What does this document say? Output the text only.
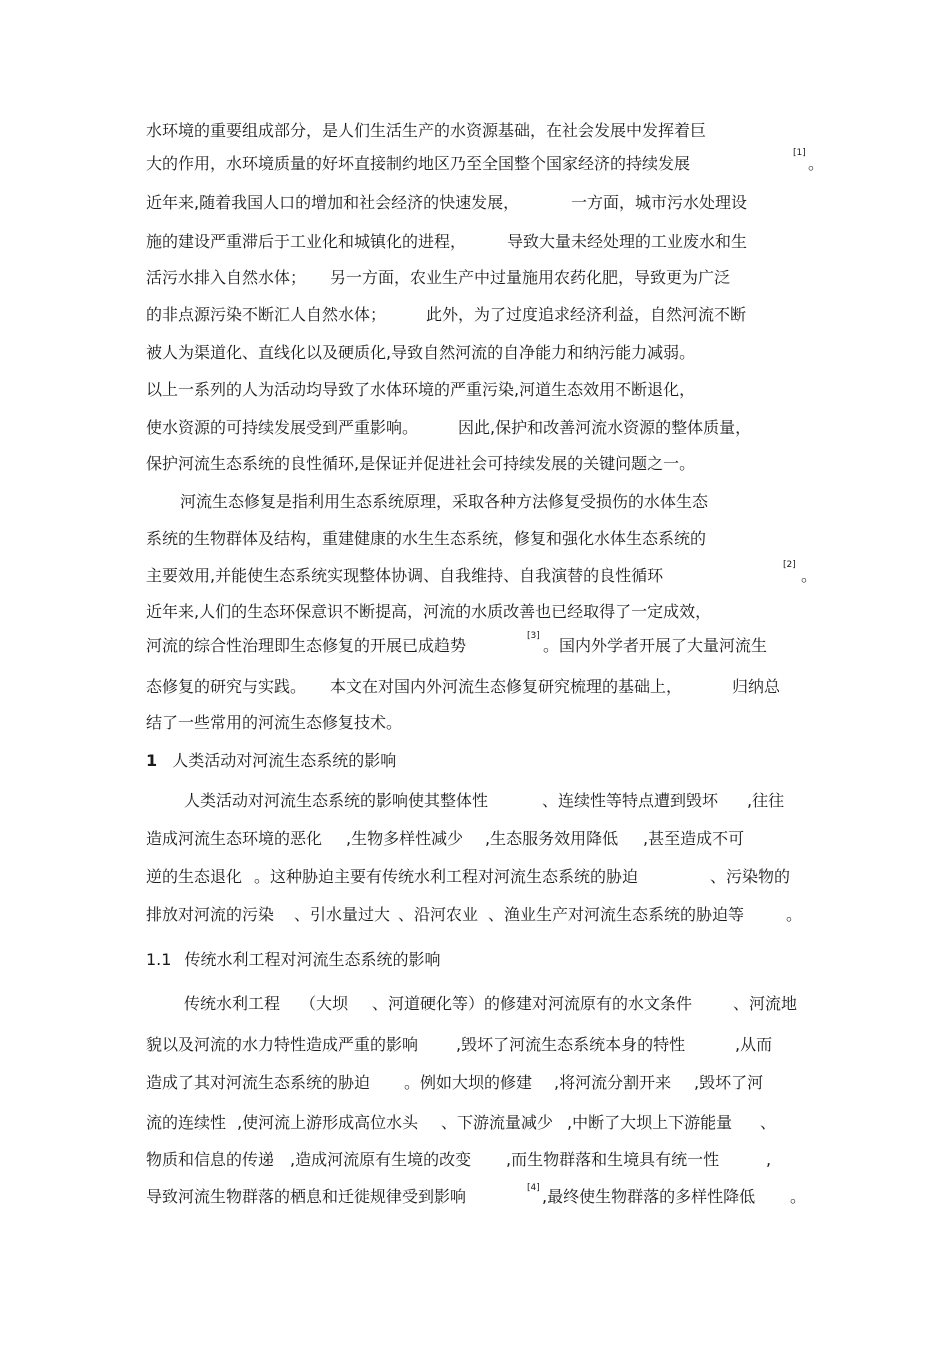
水环境的重要组成部分，是人们生活生产的水资源基础，在社会发展中发挥着巨
大的作用，水环境质量的好坏直接制约地区乃至全国整个国家经济的持续发展
[1]
。
近年来,随着我国人口的增加和社会经济的快速发展，	一方面，城市污水处理设
施的建设严重滞后于工业化和城镇化的进程，	导致大量未经处理的工业废水和生
活污水排入自然水体； 另一方面，农业生产中过量施用农药化肥，导致更为广泛
的非点源污染不断汇人自然水体； 此外，为了过度追求经济利益，自然河流不断
被人为渠道化、直线化以及硬质化,导致自然河流的自净能力和纳污能力减弱。
以上一系列的人为活动均导致了水体环境的严重污染,河道生态效用不断退化，
使水资源的可持续发展受到严重影响。 因此,保护和改善河流水资源的整体质量，
保护河流生态系统的良性循环,是保证并促进社会可持续发展的关键问题之一。
河流生态修复是指利用生态系统原理，采取各种方法修复受损伤的水体生态
系统的生物群体及结构，重建健康的水生生态系统，修复和强化水体生态系统的
主要效用,并能使生态系统实现整体协调、自我维持、自我演替的良性循环
[2]
。
近年来,人们的生态环保意识不断提高，河流的水质改善也已经取得了一定成效，
河流的综合性治理即生态修复的开展已成趋势	[3] 。国内外学者开展了大量河流生
态修复的研究与实践。 本文在对国内外河流生态修复研究梳理的基础上，	归纳总
结了一些常用的河流生态修复技术。
1 人类活动对河流生态系统的影响
人类活动对河流生态系统的影响使其整体性	、连续性等特点遭到毁坏 ,往往
造成河流生态环境的恶化 ,生物多样性减少 ,生态服务效用降低 ,甚至造成不可
逆的生态退化 。这种胁迫主要有传统水利工程对河流生态系统的胁迫	、污染物的
排放对河流的污染 、引水量过大 、沿河农业 、渔业生产对河流生态系统的胁迫等	。
1.1 传统水利工程对河流生态系统的影响
传统水利工程 （大坝 、河道硬化等 ）的修建对河流原有的水文条件	、河流地
貌以及河流的水力特性造成严重的影响 ,毁坏了河流生态系统本身的特性	,从而
造成了其对河流生态系统的胁迫 。例如大坝的修建 ,将河流分割开来 ,毁坏了河
流的连续性 ,使河流上游形成高位水头 、下游流量减少 ,中断了大坝上下游能量 、
物质和信息的传递 ,造成河流原有生境的改变 ,而生物群落和生境具有统一性	,
导致河流生物群落的栖息和迁徙规律受到影响	[4] ,最终使生物群落的多样性降低 。
